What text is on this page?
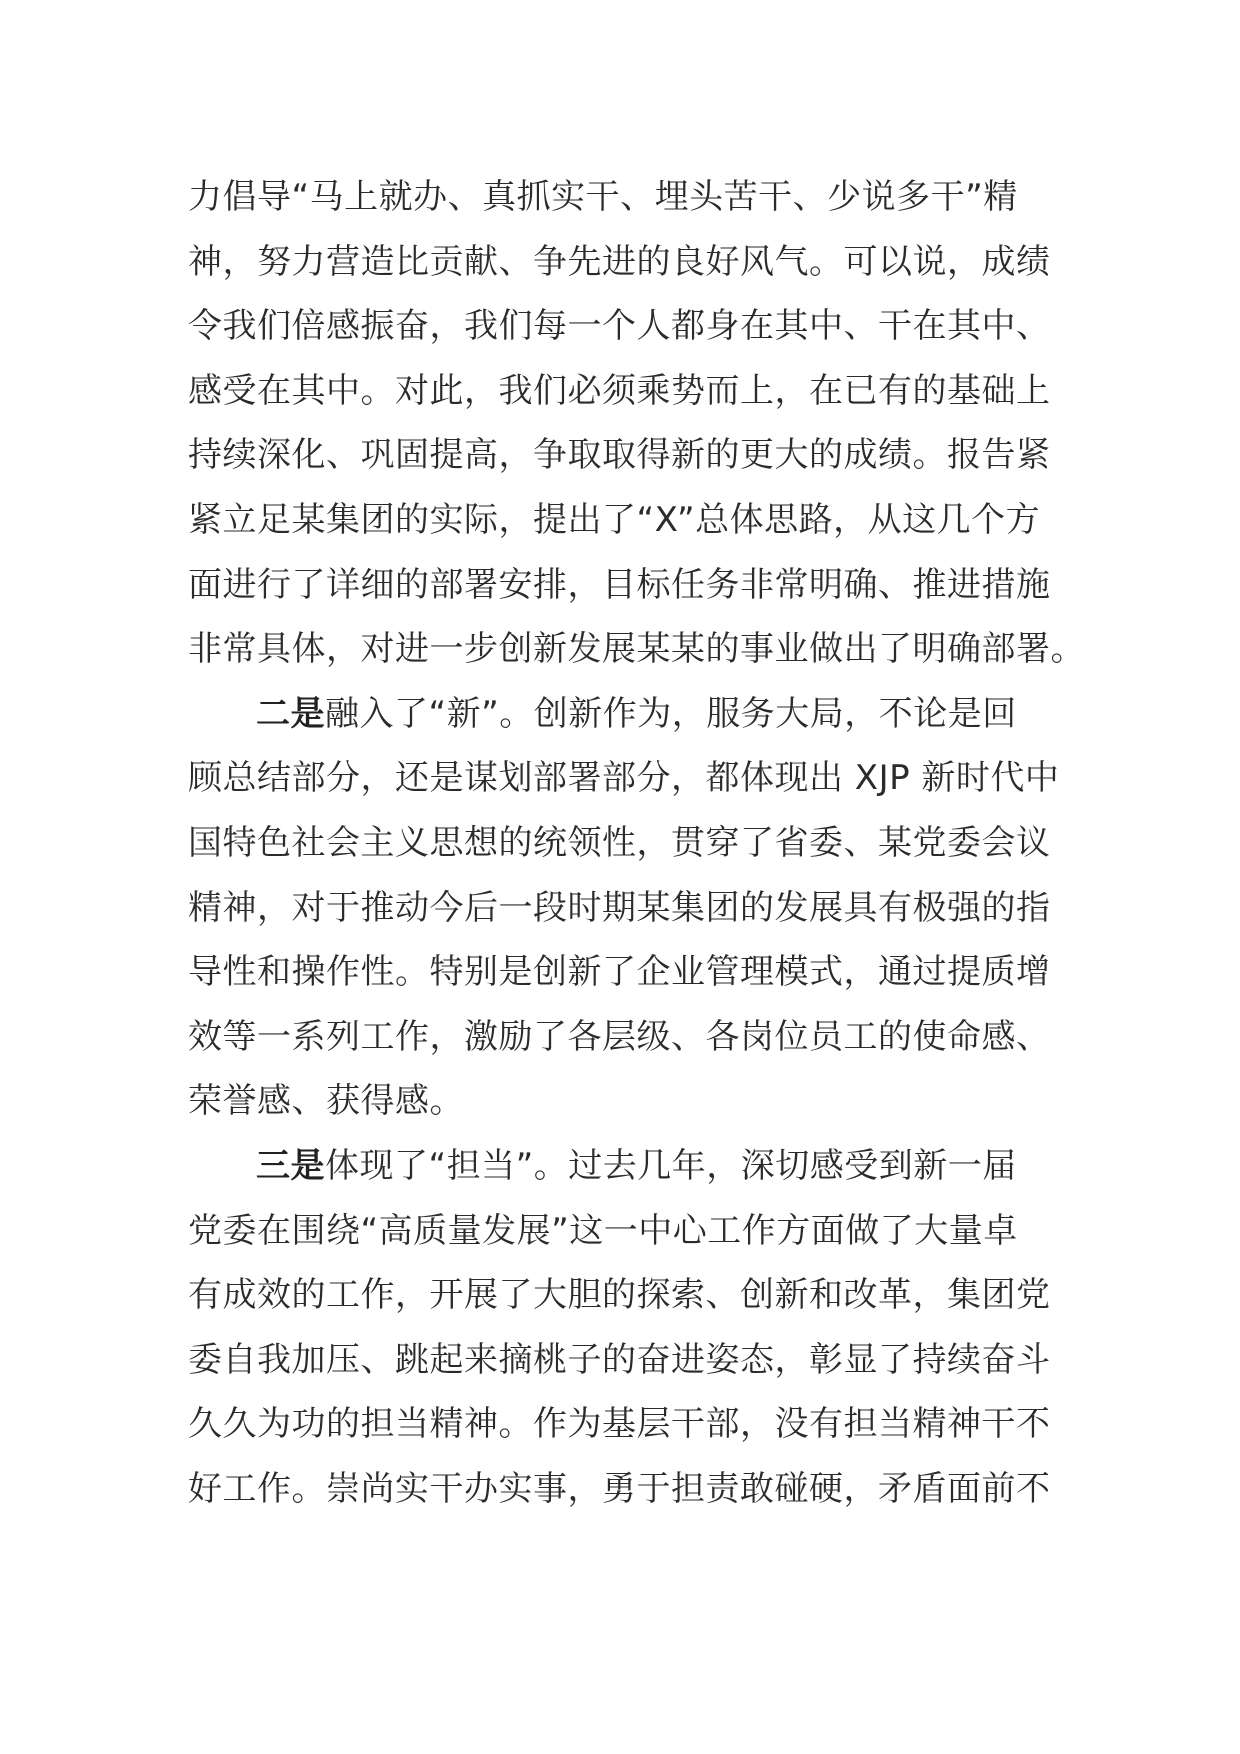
力倡导“马上就办、真抓实干、埋头苦干、少说多干”精
神，努力营造比贡献、争先进的良好风气。可以说，成绩
令我们倍感振奋，我们每一个人都身在其中、干在其中、
感受在其中。对此，我们必须乘势而上，在已有的基础上
持续深化、巩固提高，争取取得新的更大的成绩。报告紧
紧立足某集团的实际，提出了“X”总体思路，从这几个方
面进行了详细的部署安排，目标任务非常明确、推进措施
非常具体，对进一步创新发展某某的事业做出了明确部署。
二是融入了“新”。创新作为，服务大局，不论是回
顾总结部分，还是谋划部署部分，都体现出 XJP 新时代中
国特色社会主义思想的统领性，贯穿了省委、某党委会议
精神，对于推动今后一段时期某集团的发展具有极强的指
导性和操作性。特别是创新了企业管理模式，通过提质增
效等一系列工作，激励了各层级、各岗位员工的使命感、
荣誉感、获得感。
三是体现了“担当”。过去几年，深切感受到新一届
党委在围绕“高质量发展”这一中心工作方面做了大量卓
有成效的工作，开展了大胆的探索、创新和改革，集团党
委自我加压、跳起来摘桃子的奋进姿态，彰显了持续奋斗
久久为功的担当精神。作为基层干部，没有担当精神干不
好工作。崇尚实干办实事，勇于担责敢碰硬，矛盾面前不
